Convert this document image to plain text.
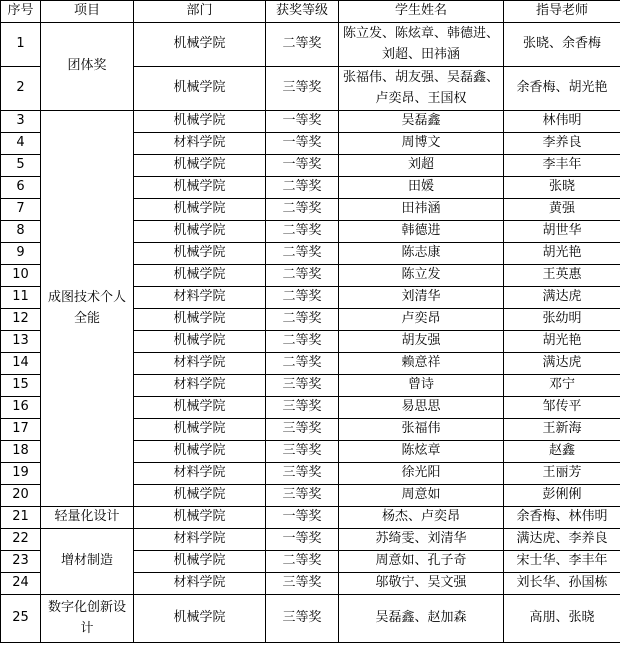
序号	项目	部门	获奖等级	学生姓名	指导老师
1	团体奖	机械学院	二等奖	陈立发、陈炫章、韩德进、刘超、田祎涵	张晓、余香梅
2		机械学院	三等奖	张福伟、胡友强、吴磊鑫、卢奕昂、王国权	余香梅、胡光艳
3	成图技术个人全能	机械学院	一等奖	吴磊鑫	林伟明
4		材料学院	一等奖	周博文	李养良
5		机械学院	一等奖	刘超	李丰年
6		机械学院	二等奖	田媛	张晓
7		机械学院	二等奖	田祎涵	黄强
8		机械学院	二等奖	韩德进	胡世华
9		机械学院	二等奖	陈志康	胡光艳
10		机械学院	二等奖	陈立发	王英惠
11		材料学院	二等奖	刘清华	满达虎
12		机械学院	二等奖	卢奕昂	张幼明
13		机械学院	二等奖	胡友强	胡光艳
14		材料学院	二等奖	赖意祥	满达虎
15		材料学院	三等奖	曾诗	邓宁
16		机械学院	三等奖	易思思	邹传平
17		机械学院	三等奖	张福伟	王新海
18		机械学院	三等奖	陈炫章	赵鑫
19		材料学院	三等奖	徐光阳	王丽芳
20		机械学院	三等奖	周意如	彭俐俐
21	轻量化设计	机械学院	一等奖	杨杰、卢奕昂	余香梅、林伟明
22	增材制造	材料学院	一等奖	苏绮雯、刘清华	满达虎、李养良
23		机械学院	二等奖	周意如、孔子奇	宋士华、李丰年
24		材料学院	三等奖	邬敬宁、吴文强	刘长华、孙国栋
25	数字化创新设计	机械学院	三等奖	吴磊鑫、赵加森	高朋、张晓
